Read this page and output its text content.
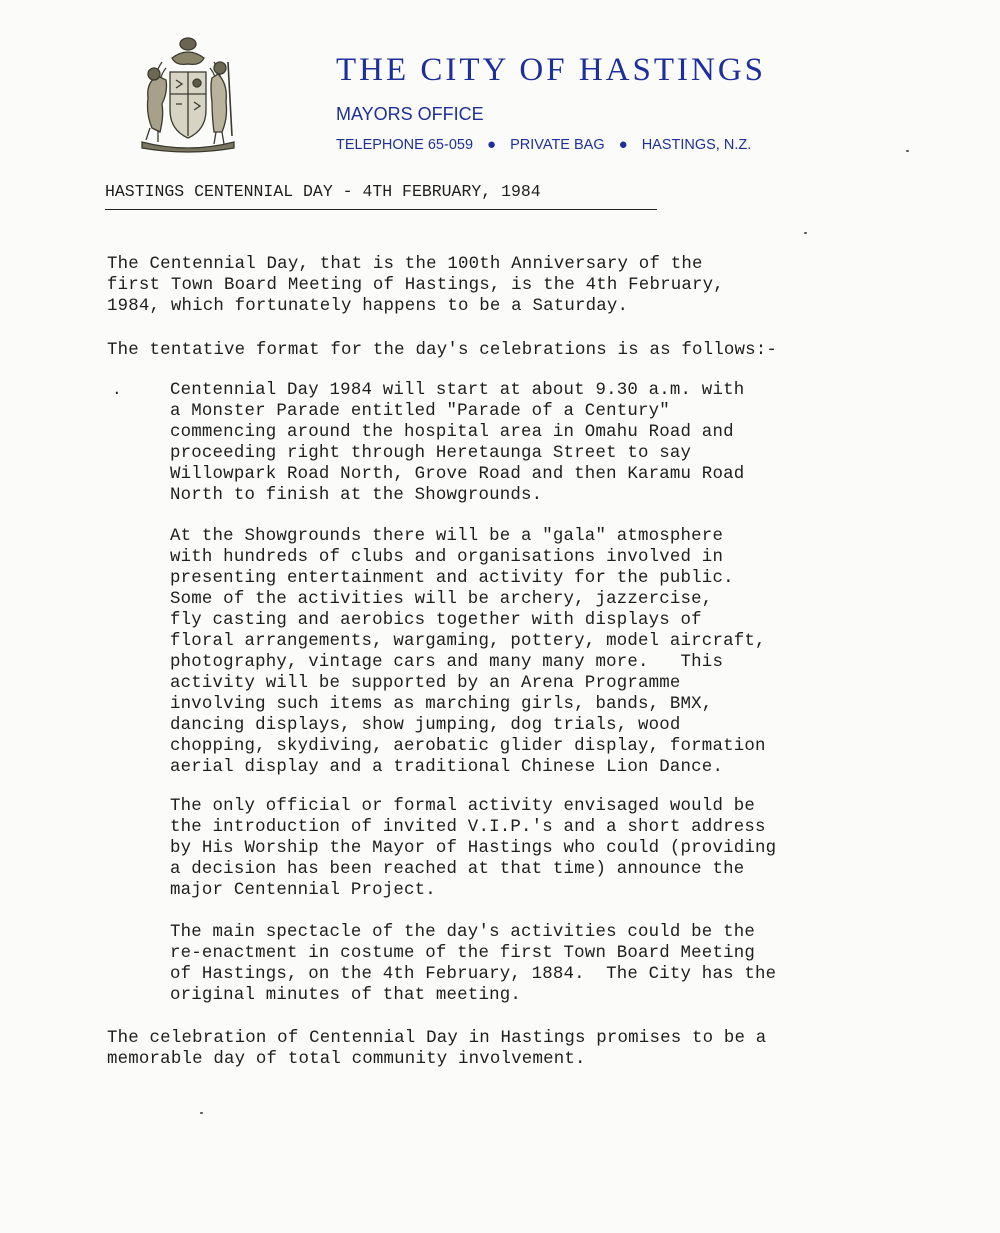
THE CITY OF HASTINGS
MAYORS OFFICE
TELEPHONE 65-059 ● PRIVATE BAG ● HASTINGS, N.Z.
HASTINGS CENTENNIAL DAY - 4TH FEBRUARY, 1984
The Centennial Day, that is the 100th Anniversary of the
first Town Board Meeting of Hastings, is the 4th February,
1984, which fortunately happens to be a Saturday.
The tentative format for the day's celebrations is as follows:-
·	Centennial Day 1984 will start at about 9.30 a.m. with
a Monster Parade entitled "Parade of a Century"
commencing around the hospital area in Omahu Road and
proceeding right through Heretaunga Street to say
Willowpark Road North, Grove Road and then Karamu Road
North to finish at the Showgrounds.
At the Showgrounds there will be a "gala" atmosphere
with hundreds of clubs and organisations involved in
presenting entertainment and activity for the public.
Some of the activities will be archery, jazzercise,
fly casting and aerobics together with displays of
floral arrangements, wargaming, pottery, model aircraft,
photography, vintage cars and many many more.   This
activity will be supported by an Arena Programme
involving such items as marching girls, bands, BMX,
dancing displays, show jumping, dog trials, wood
chopping, skydiving, aerobatic glider display, formation
aerial display and a traditional Chinese Lion Dance.
The only official or formal activity envisaged would be
the introduction of invited V.I.P.'s and a short address
by His Worship the Mayor of Hastings who could (providing
a decision has been reached at that time) announce the
major Centennial Project.
The main spectacle of the day's activities could be the
re-enactment in costume of the first Town Board Meeting
of Hastings, on the 4th February, 1884.  The City has the
original minutes of that meeting.
The celebration of Centennial Day in Hastings promises to be a
memorable day of total community involvement.
